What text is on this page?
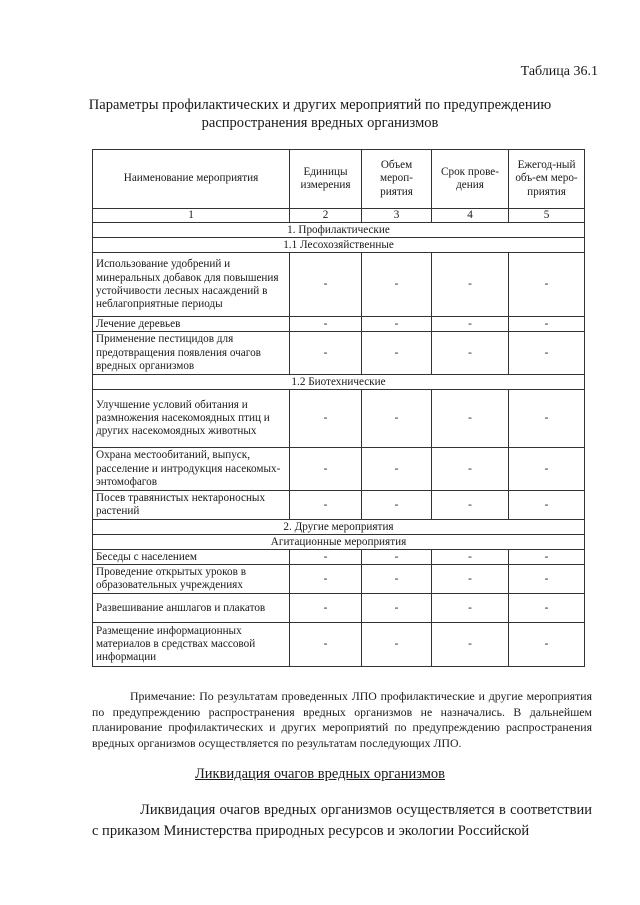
Таблица 36.1
Параметры профилактических и других мероприятий по предупреждению распространения вредных организмов
Наименование мероприятия	Единицы измерения	Объем мероп-риятия	Срок прове-дения	Ежегод-ный объ-ем меро-приятия
1	2	3	4	5
1. Профилактические				
1.1 Лесохозяйственные				
Использование удобрений и минеральных добавок для повышения устойчивости лесных насаждений в неблагоприятные периоды	-	-	-	-
Лечение деревьев	-	-	-	-
Применение пестицидов для предотвращения появления очагов вредных организмов	-	-	-	-
1.2 Биотехнические				
Улучшение условий обитания и размножения насекомоядных птиц и других насекомоядных животных	-	-	-	-
Охрана местообитаний, выпуск, расселение и интродукция насекомых-энтомофагов	-	-	-	-
Посев травянистых нектароносных растений	-	-	-	-
2. Другие мероприятия				
Агитационные мероприятия				
Беседы с населением	-	-	-	-
Проведение открытых уроков в образовательных учреждениях	-	-	-	-
Развешивание аншлагов и плакатов	-	-	-	-
Размещение информационных материалов в средствах массовой информации	-	-	-	-
Примечание: По результатам проведенных ЛПО профилактические и другие мероприятия по предупреждению распространения вредных организмов не назначались. В дальнейшем планирование профилактических и других мероприятий по предупреждению распространения вредных организмов осуществляется по результатам последующих ЛПО.
Ликвидация очагов вредных организмов
Ликвидация очагов вредных организмов осуществляется в соответствии с приказом Министерства природных ресурсов и экологии Российской
